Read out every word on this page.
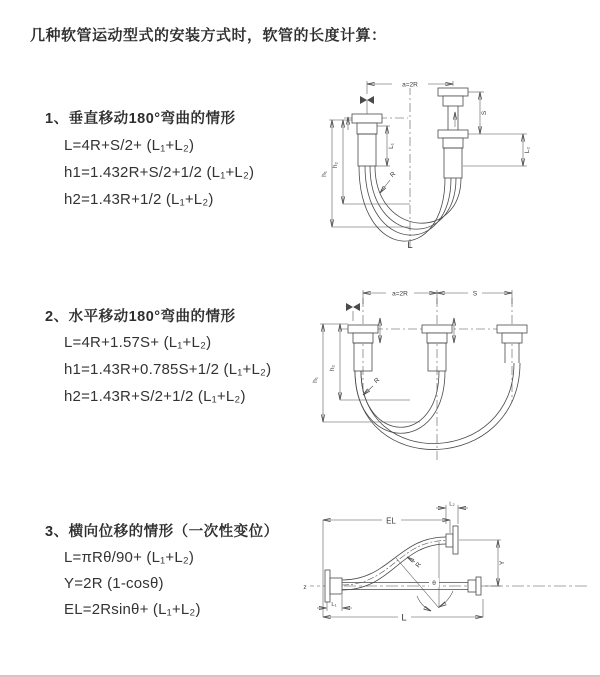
几种软管运动型式的安装方式时，软管的长度计算：
1、垂直移动180°弯曲的情形
L=4R+S/2+ (L₁+L₂)
h1=1.432R+S/2+1/2 (L₁+L₂)
h2=1.43R+1/2 (L₁+L₂)
2、水平移动180°弯曲的情形
L=4R+1.57S+ (L₁+L₂)
h1=1.43R+0.785S+1/2 (L₁+L₂)
h2=1.43R+S/2+1/2 (L₁+L₂)
3、横向位移的情形（一次性变位）
L=πRθ/90+ (L₁+L₂)
Y=2R (1-cosθ)
EL=2Rsinθ+ (L₁+L₂)
a=2R
R
L
h₁
h₂
L₁
S
L₂
a=2R	S
R
h₁
h₂
z
L₂
EL
Y
L
L₁
θ
R
